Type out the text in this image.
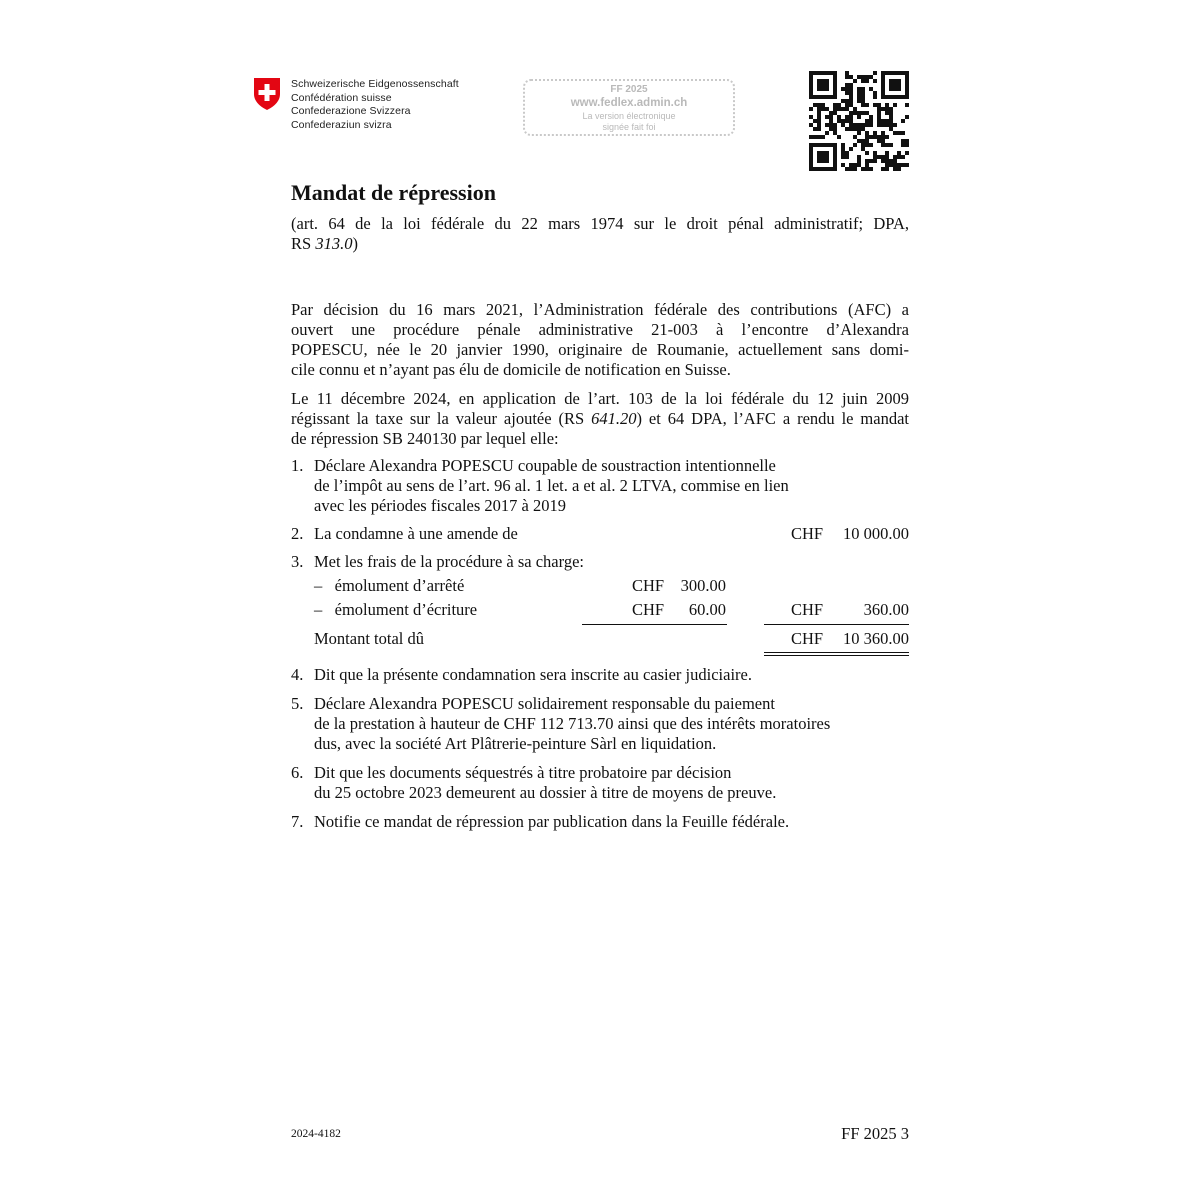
Schweizerische Eidgenossenschaft
Confédération suisse
Confederazione Svizzera
Confederaziun svizra
FF 2025
www.fedlex.admin.ch
La version électronique
signée fait foi
Mandat de répression
(art. 64 de la loi fédérale du 22 mars 1974 sur le droit pénal administratif; DPA,
RS 313.0)
Par décision du 16 mars 2021, l’Administration fédérale des contributions (AFC) a
ouvert une procédure pénale administrative 21-003 à l’encontre d’Alexandra
POPESCU, née le 20 janvier 1990, originaire de Roumanie, actuellement sans domi-
cile connu et n’ayant pas élu de domicile de notification en Suisse.
Le 11 décembre 2024, en application de l’art. 103 de la loi fédérale du 12 juin 2009
régissant la taxe sur la valeur ajoutée (RS 641.20) et 64 DPA, l’AFC a rendu le mandat
de répression SB 240130 par lequel elle:
1. Déclare Alexandra POPESCU coupable de soustraction intentionnelle
de l’impôt au sens de l’art. 96 al. 1 let. a et al. 2 LTVA, commise en lien
avec les périodes fiscales 2017 à 2019
2. La condamne à une amende de	CHF 10 000.00
3. Met les frais de la procédure à sa charge:
–   émolument d’arrêté	CHF 300.00
–   émolument d’écriture	CHF 60.00	CHF 360.00
Montant total dû	CHF 10 360.00
4. Dit que la présente condamnation sera inscrite au casier judiciaire.
5. Déclare Alexandra POPESCU solidairement responsable du paiement
de la prestation à hauteur de CHF 112 713.70 ainsi que des intérêts moratoires
dus, avec la société Art Plâtrerie-peinture Sàrl en liquidation.
6. Dit que les documents séquestrés à titre probatoire par décision
du 25 octobre 2023 demeurent au dossier à titre de moyens de preuve.
7. Notifie ce mandat de répression par publication dans la Feuille fédérale.
2024-4182	FF 2025 3
